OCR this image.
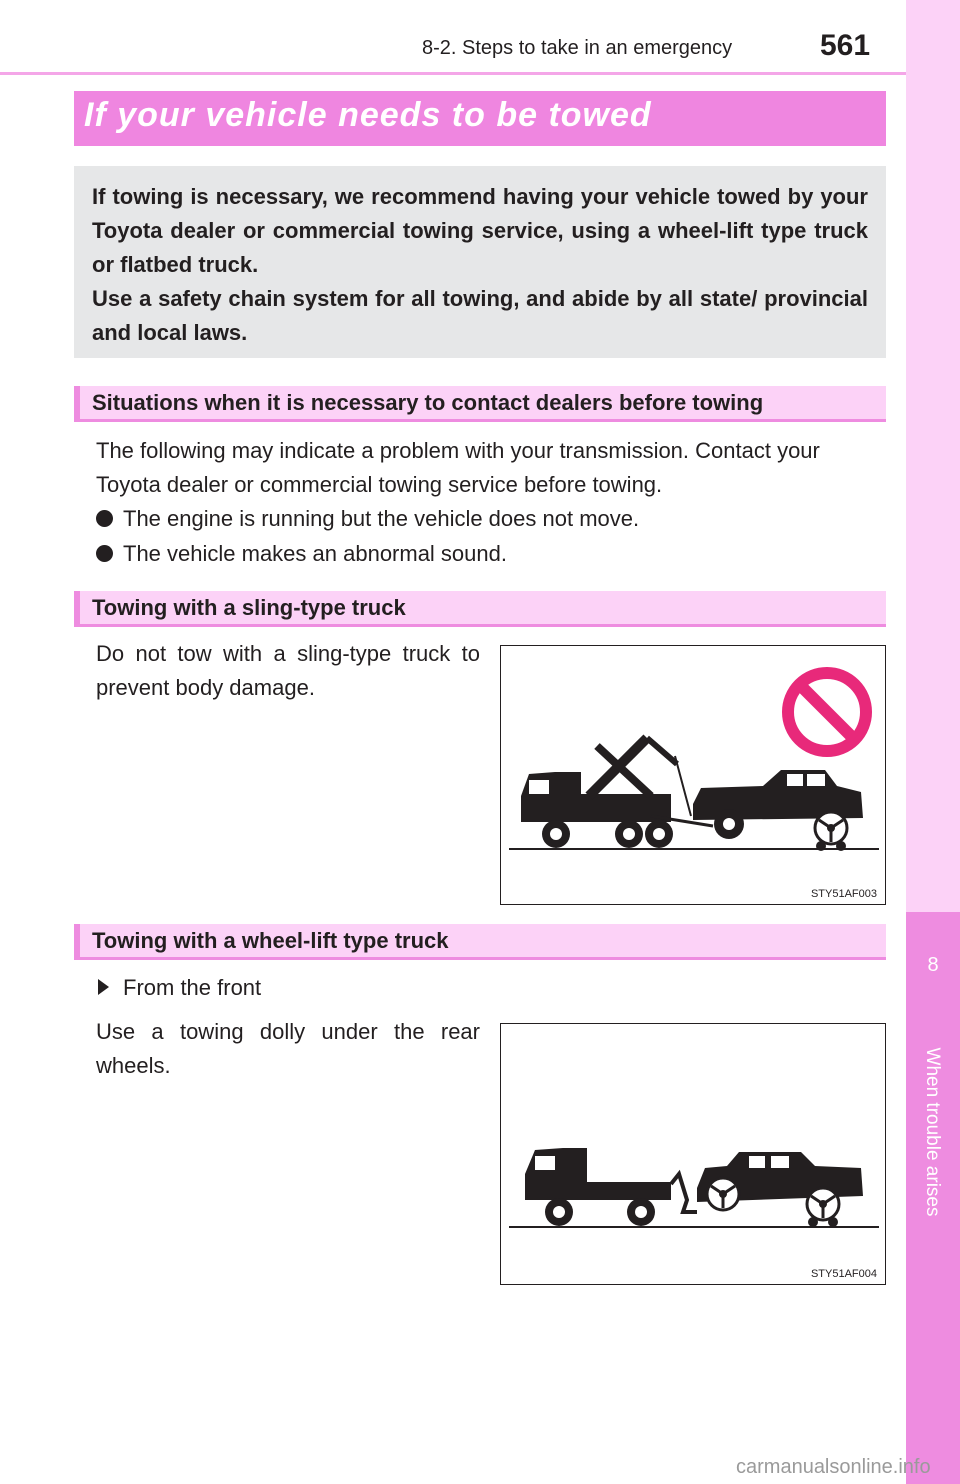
8-2. Steps to take in an emergency	561
8
When trouble arises
If your vehicle needs to be towed

If towing is necessary, we recommend having your vehicle towed by your Toyota dealer or commercial towing service, using a wheel-lift type truck or flatbed truck.

Use a safety chain system for all towing, and abide by all state/ provincial and local laws.

Situations when it is necessary to contact dealers before towing
The following may indicate a problem with your transmission. Contact your Toyota dealer or commercial towing service before towing.
The engine is running but the vehicle does not move.
The vehicle makes an abnormal sound.
Towing with a sling-type truck
Do not tow with a sling-type truck to prevent body damage.
STY51AF003
Towing with a wheel-lift type truck
From the front
Use a towing dolly under the rear wheels.
STY51AF004
carmanualsonline.info
